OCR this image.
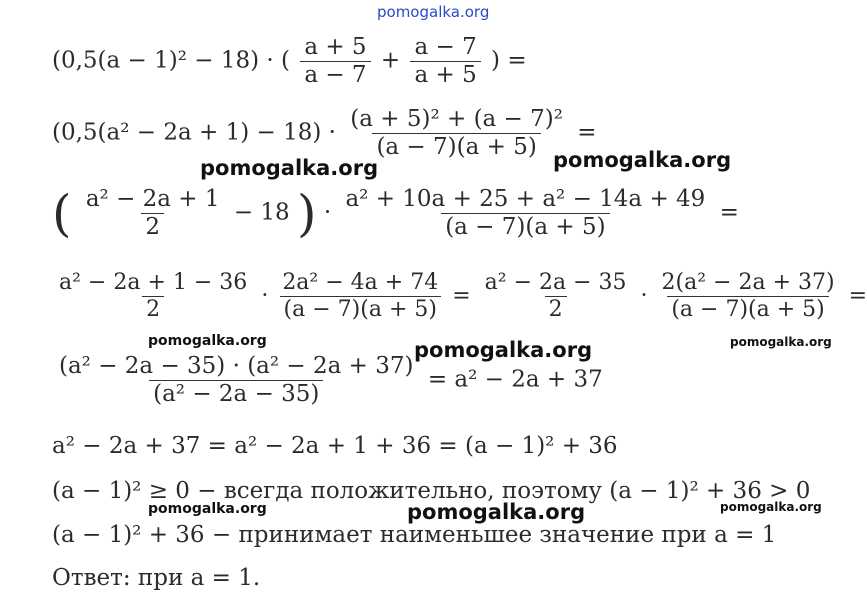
pomogalka.org
(0,5(a − 1)² − 18) · ( $\frac{a + 5}{a - 7} + \frac{a - 7}{a + 5}$ ) =
$(0,5(a^2 - 2a + 1) - 18) \cdot \frac{\text{(a + 5)² + (a − 7)²}}{(a - 7)(a + 5)}$ =
( $\frac{\text{a² − 2a + 1}}{2} - 18$ ) · $\frac{\text{a² + 10a + 25 + a² − 14a + 49}}{(a - 7)(a + 5)}$ =
$\frac{\text{a² − 2a + 1 − 36}}{2} \cdot \frac{\text{2a² − 4a + 74}}{(a - 7)(a + 5)} = \frac{\text{a² − 2a − 35}}{2} \cdot \frac{\text{2(a² − 2a + 37)}}{(a - 7)(a + 5)}$ =
$\frac{\text{(a² − 2a − 35) · (a² − 2a + 37)}}{\text{(a² − 2a − 35)}} = a^2 - 2a + 37$
a² − 2a + 37 = a² − 2a + 1 + 36 = (a − 1)² + 36
(a − 1)² ≥ 0 − всегда положительно, поэтому (a − 1)² + 36 > 0
(a − 1)² + 36 − принимает наименьшее значение при a = 1
Ответ: при a = 1.
pomogalka.org	pomogalka.org
pomogalka.org	pomogalka.org	pomogalka.org
pomogalka.org	pomogalka.org	pomogalka.org
